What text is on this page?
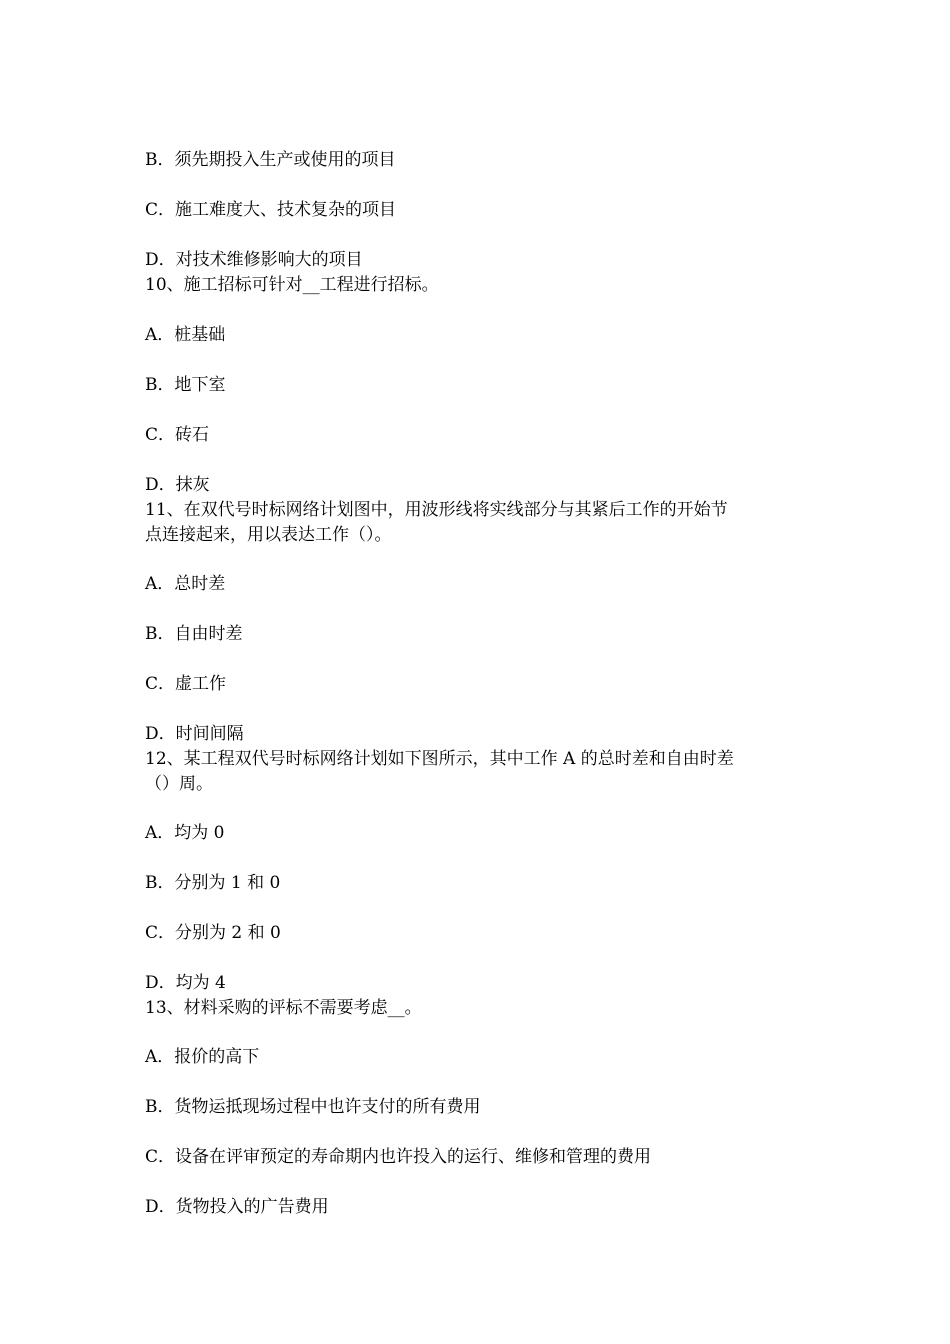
B．须先期投入生产或使用的项目
C．施工难度大、技术复杂的项目
D．对技术维修影响大的项目
10、施工招标可针对__工程进行招标。
A．桩基础
B．地下室
C．砖石
D．抹灰
11、在双代号时标网络计划图中，用波形线将实线部分与其紧后工作的开始节
点连接起来，用以表达工作（）。
A．总时差
B．自由时差
C．虚工作
D．时间间隔
12、某工程双代号时标网络计划如下图所示，其中工作 A 的总时差和自由时差
（）周。
A．均为 0
B．分别为 1 和 0
C．分别为 2 和 0
D．均为 4
13、材料采购的评标不需要考虑__。
A．报价的高下
B．货物运抵现场过程中也许支付的所有费用
C．设备在评审预定的寿命期内也许投入的运行、维修和管理的费用
D．货物投入的广告费用
